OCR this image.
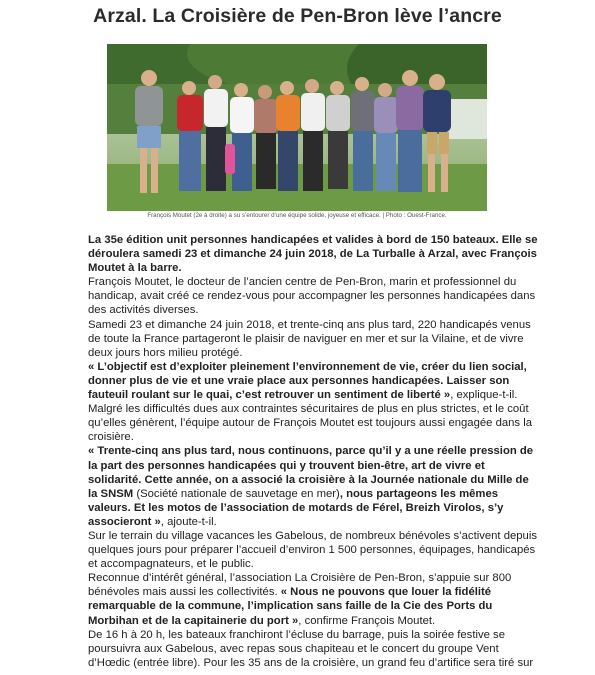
Arzal. La Croisière de Pen-Bron lève l’ancre
François Moutet (2e à droite) a su s’entourer d’une équipe solide, joyeuse et efficace. | Photo : Ouest-France.

La 35e édition unit personnes handicapées et valides à bord de 150 bateaux. Elle se déroulera samedi 23 et dimanche 24 juin 2018, de La Turballe à Arzal, avec François Moutet à la barre.

François Moutet, le docteur de l’ancien centre de Pen-Bron, marin et professionnel du handicap, avait créé ce rendez-vous pour accompagner les personnes handicapées dans des activités diverses.

Samedi 23 et dimanche 24 juin 2018, et trente-cinq ans plus tard, 220 handicapés venus de toute la France partageront le plaisir de naviguer en mer et sur la Vilaine, et de vivre deux jours hors milieu protégé.

« L’objectif est d’exploiter pleinement l’environnement de vie, créer du lien social, donner plus de vie et une vraie place aux personnes handicapées. Laisser son fauteuil roulant sur le quai, c’est retrouver un sentiment de liberté », explique-t-il.

Malgré les difficultés dues aux contraintes sécuritaires de plus en plus strictes, et le coût qu’elles génèrent, l’équipe autour de François Moutet est toujours aussi engagée dans la croisière.

« Trente-cinq ans plus tard, nous continuons, parce qu’il y a une réelle pression de la part des personnes handicapées qui y trouvent bien-être, art de vivre et solidarité. Cette année, on a associé la croisière à la Journée nationale du Mille de la SNSM (Société nationale de sauvetage en mer), nous partageons les mêmes valeurs. Et les motos de l’association de motards de Férel, Breizh Virolos, s’y associeront », ajoute-t-il.

Sur le terrain du village vacances les Gabelous, de nombreux bénévoles s’activent depuis quelques jours pour préparer l’accueil d’environ 1 500 personnes, équipages, handicapés et accompagnateurs, et le public.

Reconnue d’intérêt général, l’association La Croisière de Pen-Bron, s’appuie sur 800 bénévoles mais aussi les collectivités. « Nous ne pouvons que louer la fidélité remarquable de la commune, l’implication sans faille de la Cie des Ports du Morbihan et de la capitainerie du port », confirme François Moutet.

De 16 h à 20 h, les bateaux franchiront l’écluse du barrage, puis la soirée festive se poursuivra aux Gabelous, avec repas sous chapiteau et le concert du groupe Vent d’Hœdic (entrée libre). Pour les 35 ans de la croisière, un grand feu d’artifice sera tiré sur
